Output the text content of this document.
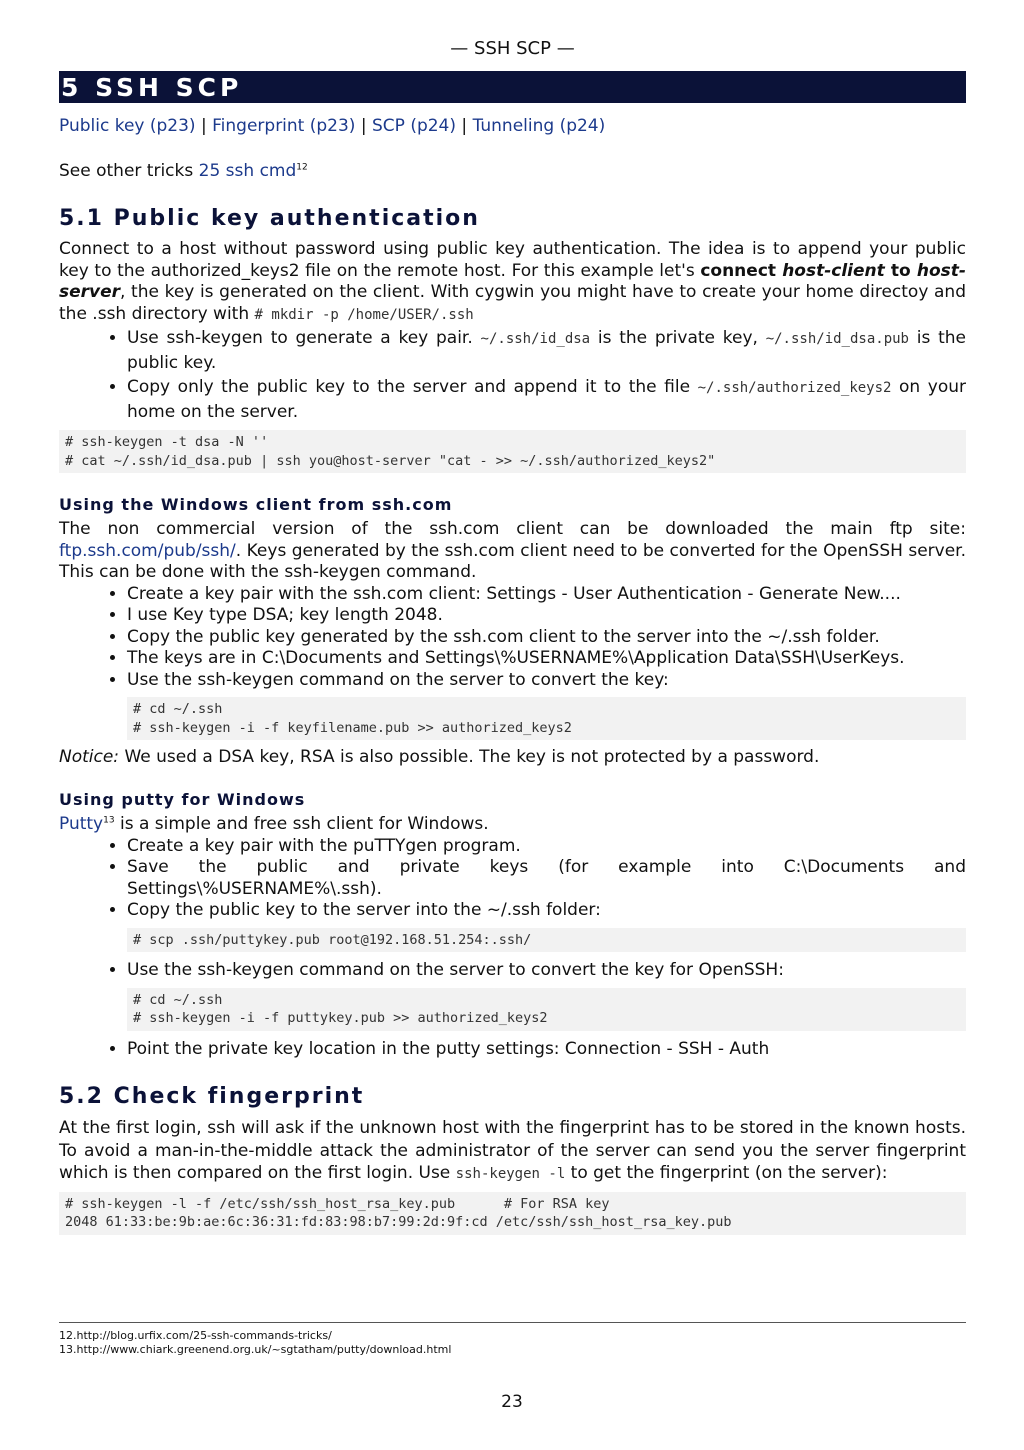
— SSH SCP —
5 SSH SCP
Public key (p23) | Fingerprint (p23) | SCP (p24) | Tunneling (p24)
See other tricks 25 ssh cmd$^{12}$
5.1 Public key authentication

Connect to a host without password using public key authentication. The idea is to append your public key to the authorized_keys2 file on the remote host. For this example let's connect host-client to host-server, the key is generated on the client. With cygwin you might have to create your home directoy and the .ssh directory with # mkdir -p /home/USER/.ssh

• Use ssh-keygen to generate a key pair. ~/.ssh/id_dsa is the private key, ~/.ssh/id_dsa.pub is the public key.
• Copy only the public key to the server and append it to the file ~/.ssh/authorized_keys2 on your home on the server.
# ssh-keygen -t dsa -N ''
# cat ~/.ssh/id_dsa.pub | ssh you@host-server "cat - >> ~/.ssh/authorized_keys2"
Using the Windows client from ssh.com

The non commercial version of the ssh.com client can be downloaded the main ftp site: ftp.ssh.com/pub/ssh/. Keys generated by the ssh.com client need to be converted for the OpenSSH server. This can be done with the ssh-keygen command.

• Create a key pair with the ssh.com client: Settings - User Authentication - Generate New....
• I use Key type DSA; key length 2048.
• Copy the public key generated by the ssh.com client to the server into the ~/.ssh folder.
• The keys are in C:\Documents and Settings\%USERNAME%\Application Data\SSH\UserKeys.
• Use the ssh-keygen command on the server to convert the key:
# cd ~/.ssh
# ssh-keygen -i -f keyfilename.pub >> authorized_keys2
Notice: We used a DSA key, RSA is also possible. The key is not protected by a password.
Using putty for Windows

Putty$^{13}$ is a simple and free ssh client for Windows.

• Create a key pair with the puTTYgen program.
• Save the public and private keys (for example into C:\Documents and Settings\%USERNAME%\.ssh).
• Copy the public key to the server into the ~/.ssh folder:
# scp .ssh/puttykey.pub root@192.168.51.254:.ssh/
• Use the ssh-keygen command on the server to convert the key for OpenSSH:
# cd ~/.ssh
# ssh-keygen -i -f puttykey.pub >> authorized_keys2
• Point the private key location in the putty settings: Connection - SSH - Auth
5.2 Check fingerprint

At the first login, ssh will ask if the unknown host with the fingerprint has to be stored in the known hosts. To avoid a man-in-the-middle attack the administrator of the server can send you the server fingerprint which is then compared on the first login. Use ssh-keygen -l to get the fingerprint (on the server):

# ssh-keygen -l -f /etc/ssh/ssh_host_rsa_key.pub      # For RSA key
2048 61:33:be:9b:ae:6c:36:31:fd:83:98:b7:99:2d:9f:cd /etc/ssh/ssh_host_rsa_key.pub
12.http://blog.urfix.com/25-ssh-commands-tricks/
13.http://www.chiark.greenend.org.uk/~sgtatham/putty/download.html
23
